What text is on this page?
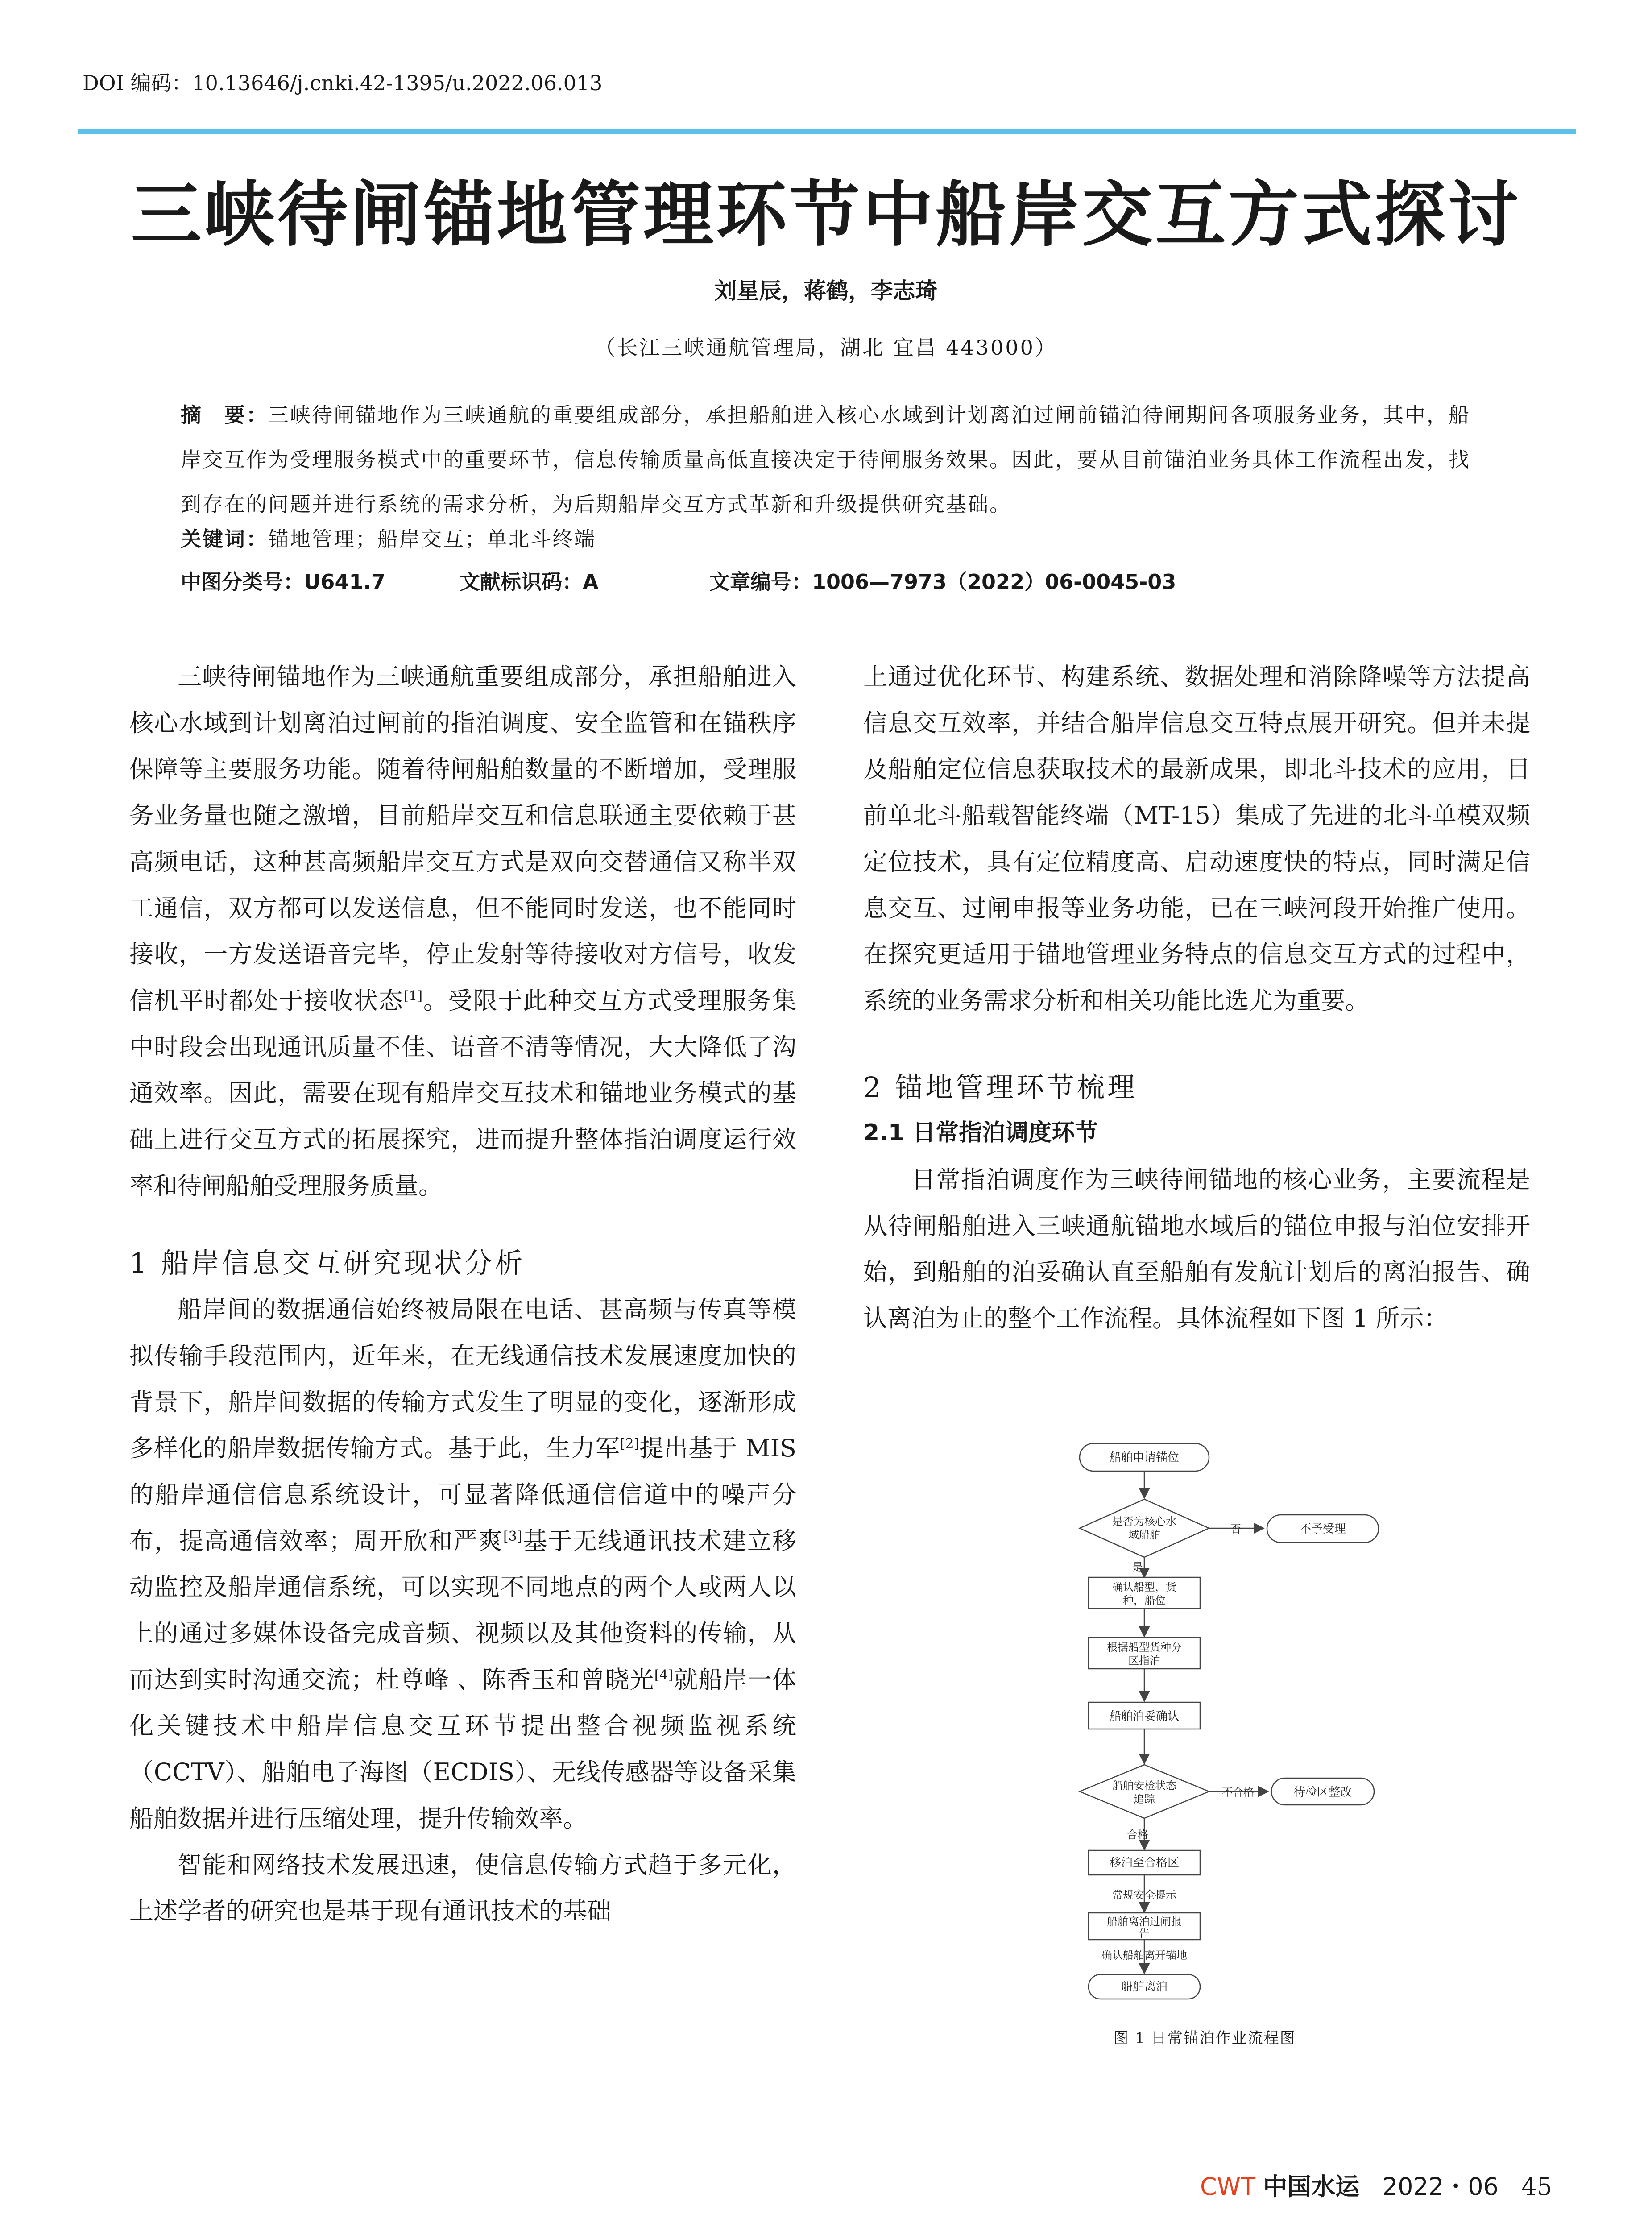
DOI 编码：10.13646/j.cnki.42-1395/u.2022.06.013
三峡待闸锚地管理环节中船岸交互方式探讨
刘星辰，蒋鹤，李志琦
（长江三峡通航管理局，湖北 宜昌 443000）
摘　要：三峡待闸锚地作为三峡通航的重要组成部分，承担船舶进入核心水域到计划离泊过闸前锚泊待闸期间各项服务业务，其中，船岸交互作为受理服务模式中的重要环节，信息传输质量高低直接决定于待闸服务效果。因此，要从目前锚泊业务具体工作流程出发，找到存在的问题并进行系统的需求分析，为后期船岸交互方式革新和升级提供研究基础。
关键词：锚地管理；船岸交互；单北斗终端
中图分类号：U641.7	文献标识码：A	文章编号：1006—7973（2022）06-0045-03

三峡待闸锚地作为三峡通航重要组成部分，承担船舶进入核心水域到计划离泊过闸前的指泊调度、安全监管和在锚秩序保障等主要服务功能。随着待闸船舶数量的不断增加，受理服务业务量也随之激增，目前船岸交互和信息联通主要依赖于甚高频电话，这种甚高频船岸交互方式是双向交替通信又称半双工通信，双方都可以发送信息，但不能同时发送，也不能同时接收，一方发送语音完毕，停止发射等待接收对方信号，收发信机平时都处于接收状态[1]。受限于此种交互方式受理服务集中时段会出现通讯质量不佳、语音不清等情况，大大降低了沟通效率。因此，需要在现有船岸交互技术和锚地业务模式的基础上进行交互方式的拓展探究，进而提升整体指泊调度运行效率和待闸船舶受理服务质量。

1 船岸信息交互研究现状分析

船岸间的数据通信始终被局限在电话、甚高频与传真等模拟传输手段范围内，近年来，在无线通信技术发展速度加快的背景下，船岸间数据的传输方式发生了明显的变化，逐渐形成多样化的船岸数据传输方式。基于此，生力军[2]提出基于 MIS 的船岸通信信息系统设计，可显著降低通信信道中的噪声分布，提高通信效率；周开欣和严爽[3]基于无线通讯技术建立移动监控及船岸通信系统，可以实现不同地点的两个人或两人以上的通过多媒体设备完成音频、视频以及其他资料的传输，从而达到实时沟通交流；杜尊峰 、陈香玉和曾晓光[4]就船岸一体化关键技术中船岸信息交互环节提出整合视频监视系统（CCTV）、船舶电子海图（ECDIS）、无线传感器等设备采集船舶数据并进行压缩处理，提升传输效率。

智能和网络技术发展迅速，使信息传输方式趋于多元化，上述学者的研究也是基于现有通讯技术的基础

上通过优化环节、构建系统、数据处理和消除降噪等方法提高信息交互效率，并结合船岸信息交互特点展开研究。但并未提及船舶定位信息获取技术的最新成果，即北斗技术的应用，目前单北斗船载智能终端（MT-15）集成了先进的北斗单模双频定位技术，具有定位精度高、启动速度快的特点，同时满足信息交互、过闸申报等业务功能，已在三峡河段开始推广使用。在探究更适用于锚地管理业务特点的信息交互方式的过程中，系统的业务需求分析和相关功能比选尤为重要。

2 锚地管理环节梳理

2.1 日常指泊调度环节

日常指泊调度作为三峡待闸锚地的核心业务，主要流程是从待闸船舶进入三峡通航锚地水域后的锚位申报与泊位安排开始，到船舶的泊妥确认直至船舶有发航计划后的离泊报告、确认离泊为止的整个工作流程。具体流程如下图 1 所示：

船舶申请锚位
是否为核心水
域船舶	不予受理
否
是
确认船型，货
种，船位
根据船型货种分
区指泊
船舶泊妥确认
船舶安检状态
追踪	待检区整改
不合格
合格
移泊至合格区
常规安全提示
船舶离泊过闸报
告
确认船舶离开锚地
船舶离泊
图 1 日常锚泊作业流程图
CWT 中国水运 2022・06 45
